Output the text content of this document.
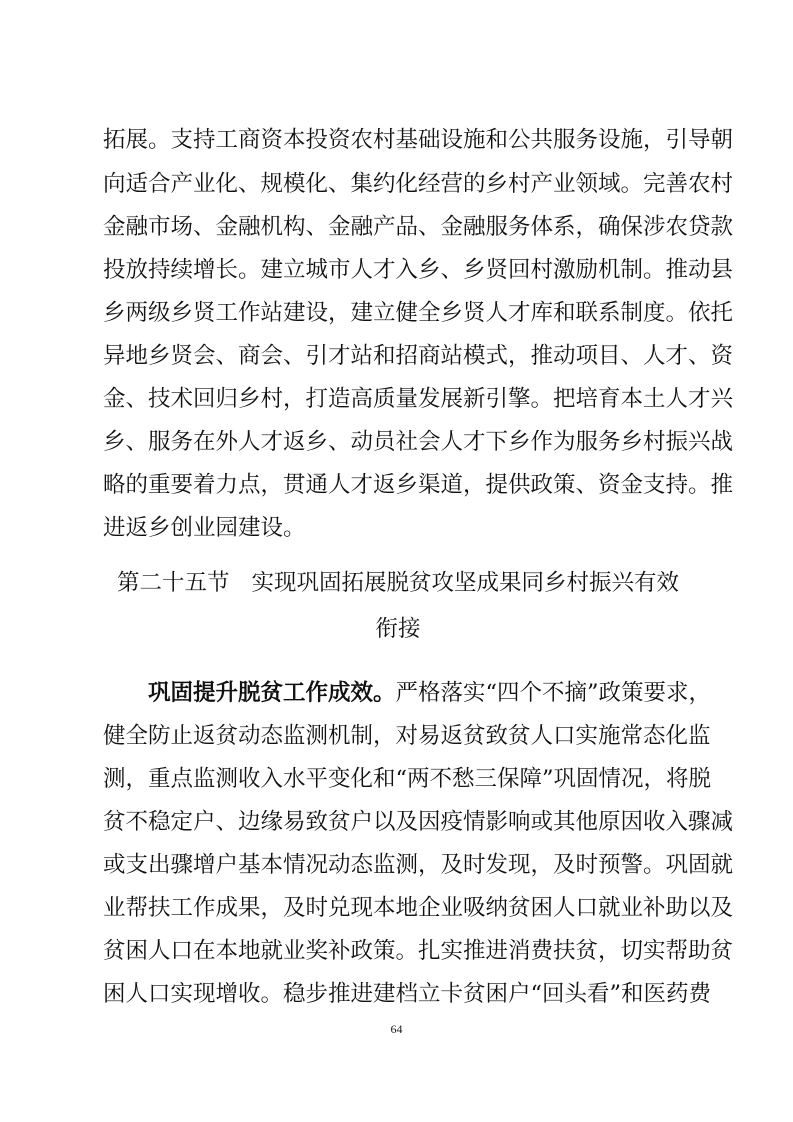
拓展。支持工商资本投资农村基础设施和公共服务设施，引导朝
向适合产业化、规模化、集约化经营的乡村产业领域。完善农村
金融市场、金融机构、金融产品、金融服务体系，确保涉农贷款
投放持续增长。建立城市人才入乡、乡贤回村激励机制。推动县
乡两级乡贤工作站建设，建立健全乡贤人才库和联系制度。依托
异地乡贤会、商会、引才站和招商站模式，推动项目、人才、资
金、技术回归乡村，打造高质量发展新引擎。把培育本土人才兴
乡、服务在外人才返乡、动员社会人才下乡作为服务乡村振兴战
略的重要着力点，贯通人才返乡渠道，提供政策、资金支持。推
进返乡创业园建设。
第二十五节 实现巩固拓展脱贫攻坚成果同乡村振兴有效
衔接
巩固提升脱贫工作成效。严格落实“四个不摘”政策要求，
健全防止返贫动态监测机制，对易返贫致贫人口实施常态化监
测，重点监测收入水平变化和“两不愁三保障”巩固情况，将脱
贫不稳定户、边缘易致贫户以及因疫情影响或其他原因收入骤减
或支出骤增户基本情况动态监测，及时发现，及时预警。巩固就
业帮扶工作成果，及时兑现本地企业吸纳贫困人口就业补助以及
贫困人口在本地就业奖补政策。扎实推进消费扶贫，切实帮助贫
困人口实现增收。稳步推进建档立卡贫困户“回头看”和医药费
64
